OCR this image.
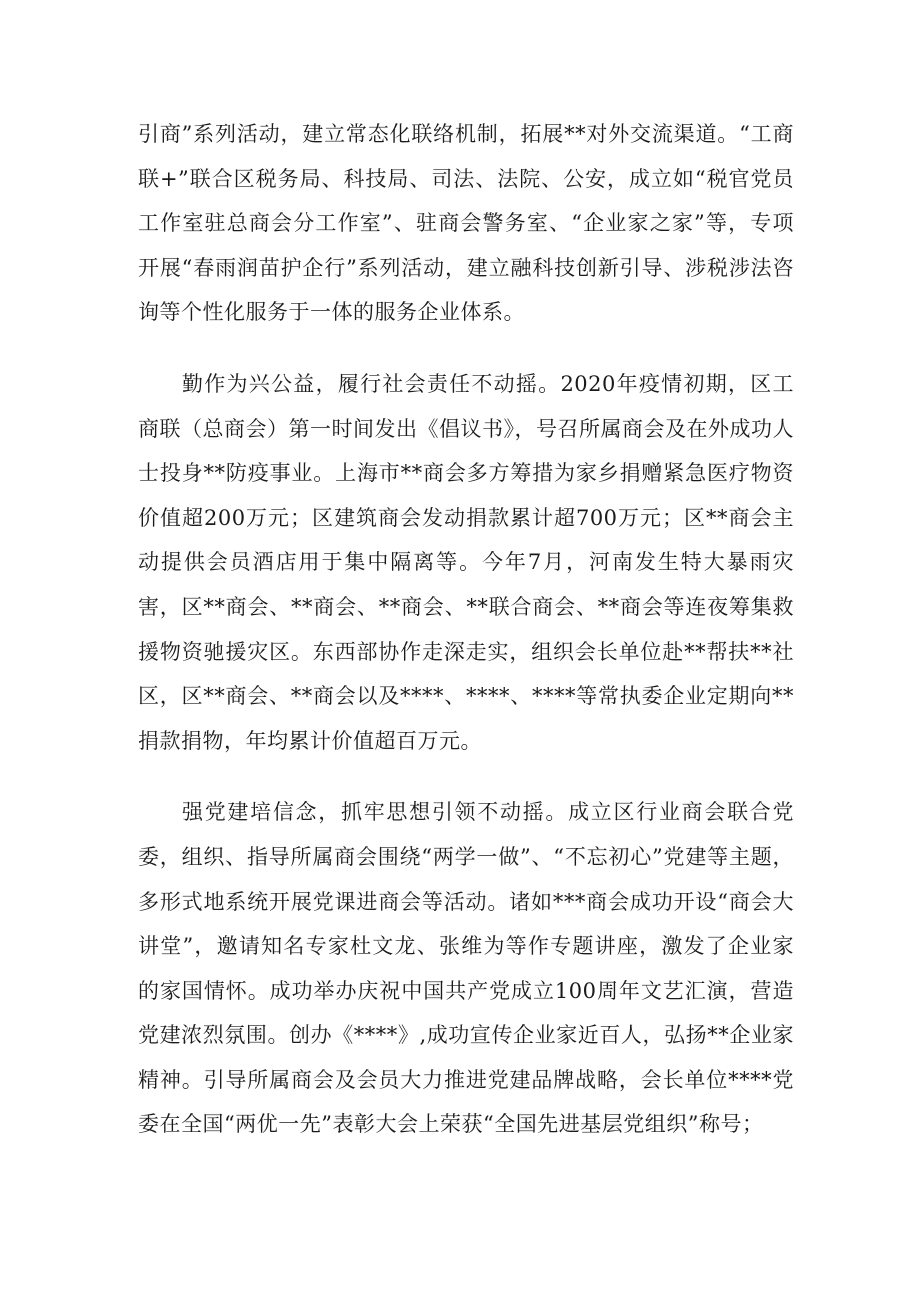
引商”系列活动，建立常态化联络机制，拓展**对外交流渠道。“工商联+”联合区税务局、科技局、司法、法院、公安，成立如“税官党员工作室驻总商会分工作室”、驻商会警务室、“企业家之家”等，专项开展“春雨润苗护企行”系列活动，建立融科技创新引导、涉税涉法咨询等个性化服务于一体的服务企业体系。

勤作为兴公益，履行社会责任不动摇。2020年疫情初期，区工商联（总商会）第一时间发出《倡议书》，号召所属商会及在外成功人士投身**防疫事业。上海市**商会多方筹措为家乡捐赠紧急医疗物资价值超200万元；区建筑商会发动捐款累计超700万元；区**商会主动提供会员酒店用于集中隔离等。今年7月，河南发生特大暴雨灾害，区**商会、**商会、**商会、**联合商会、**商会等连夜筹集救援物资驰援灾区。东西部协作走深走实，组织会长单位赴**帮扶**社区，区**商会、**商会以及****、****、****等常执委企业定期向**捐款捐物，年均累计价值超百万元。

强党建培信念，抓牢思想引领不动摇。成立区行业商会联合党委，组织、指导所属商会围绕“两学一做”、“不忘初心”党建等主题，多形式地系统开展党课进商会等活动。诸如***商会成功开设“商会大讲堂”，邀请知名专家杜文龙、张维为等作专题讲座，激发了企业家的家国情怀。成功举办庆祝中国共产党成立100周年文艺汇演，营造党建浓烈氛围。创办《****》,成功宣传企业家近百人，弘扬**企业家精神。引导所属商会及会员大力推进党建品牌战略，会长单位****党委在全国“两优一先”表彰大会上荣获“全国先进基层党组织”称号；
